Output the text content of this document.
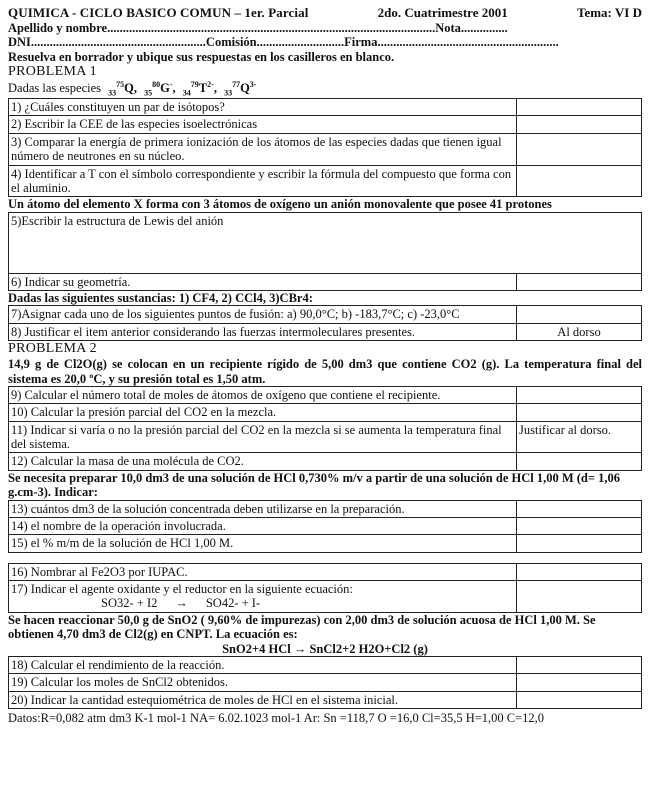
QUIMICA - CICLO BASICO COMUN – 1er. Parcial	2do. Cuatrimestre 2001	Tema: VI D
Apellido y nombre.........................................................................................................Nota...............
DNI........................................................Comisión............................Firma..........................................................
Resuelva en borrador y ubique sus respuestas en los casilleros en blanco.
PROBLEMA 1
Dadas las especies $_{33}^{75}$Q, $_{35}^{80}$G-, $_{34}^{79}T^{2-}$, $_{33}^{77}Q^{3-}$
1) ¿Cuáles constituyen un par de isótopos?	
2) Escribir la CEE de las especies isoelectrónicas	
3) Comparar la energía de primera ionización de los átomos de las especies dadas que tienen igual número de neutrones en su núcleo.	
4) Identificar a T con el símbolo correspondiente y escribir la fórmula del compuesto que forma con el aluminio.	
Un átomo del elemento X forma con 3 átomos de oxígeno un anión monovalente que posee 41 protones
5)Escribir la estructura de Lewis del anión
6) Indicar su geometría.	
Dadas las siguientes sustancias: 1) CF4, 2) CCl4, 3)CBr4:
7)Asignar cada uno de los siguientes puntos de fusión: a) 90,0°C; b) -183,7°C; c) -23,0°C	
8) Justificar el item anterior considerando las fuerzas intermoleculares presentes.	Al dorso
PROBLEMA 2
14,9 g de Cl2O(g) se colocan en un recipiente rígido de 5,00 dm3 que contiene CO2 (g). La temperatura final del sistema es 20,0 ºC, y su presión total es 1,50 atm.
9) Calcular el número total de moles de átomos de oxígeno que contiene el recipiente.	
10) Calcular la presión parcial del CO2 en la mezcla.	
11) Indicar si varía o no la presión parcial del CO2 en la mezcla si se aumenta la temperatura final del sistema.	Justificar al dorso.
12) Calcular la masa de una molécula de CO2.	
Se necesita preparar 10,0 dm3 de una solución de HCl 0,730% m/v a partir de una solución de HCl 1,00 M (d= 1,06 g.cm-3). Indicar:
13) cuántos dm3 de la solución concentrada deben utilizarse en la preparación.	
14) el nombre de la operación involucrada.	
15) el % m/m de la solución de HCl 1,00 M.	
16) Nombrar al Fe2O3 por IUPAC.	

17) Indicar el agente oxidante y el reductor en la siguiente ecuación:
SO32- + I2 → SO42- + I-	

Se hacen reaccionar 50,0 g de SnO2 ( 9,60% de impurezas) con 2,00 dm3 de solución acuosa de HCl 1,00 M. Se obtienen 4,70 dm3 de Cl2(g) en CNPT. La ecuación es:
SnO2+4 HCl → SnCl2+2 H2O+Cl2 (g)
18) Calcular el rendimiento de la reacción.	
19) Calcular los moles de SnCl2 obtenidos.	
20) Indicar la cantidad estequiométrica de moles de HCl en el sistema inicial.	
Datos:R=0,082 atm dm3 K-1 mol-1 NA= 6.02.1023 mol-1 Ar: Sn =118,7 O =16,0 Cl=35,5 H=1,00 C=12,0
